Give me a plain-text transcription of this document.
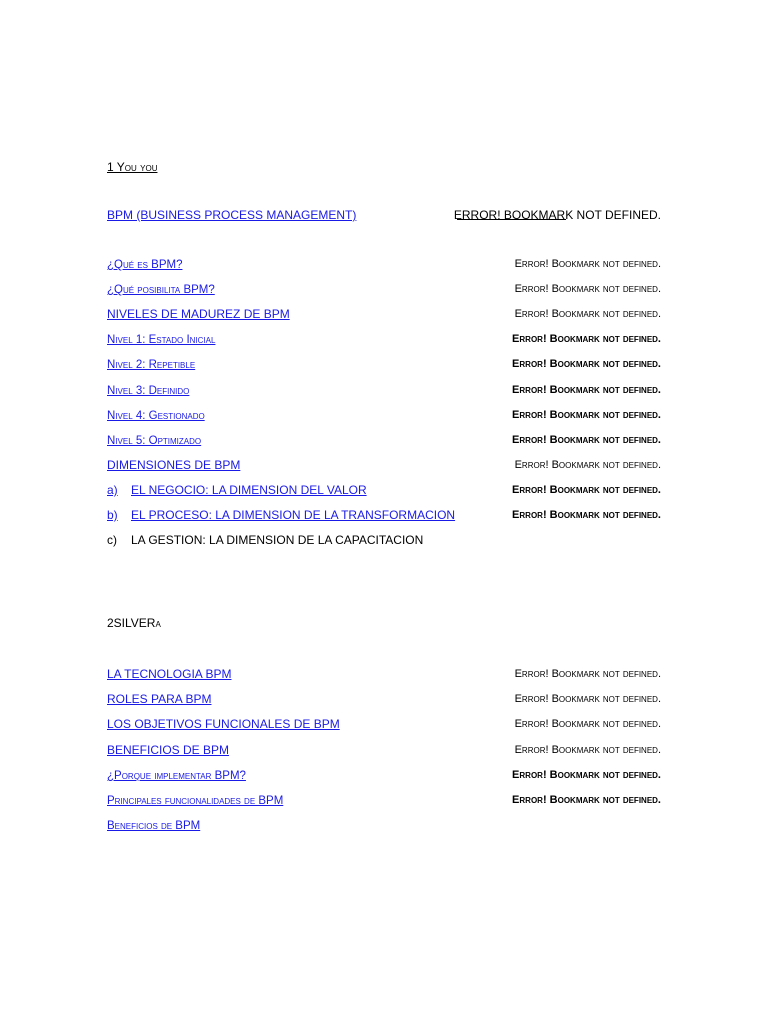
1 You you
BPM (BUSINESS PROCESS MANAGEMENT)	ERROR! BOOKMARK NOT DEFINED.
¿Qué es BPM?	Error! Bookmark not defined.
¿Qué posibilita BPM?	Error! Bookmark not defined.
NIVELES DE MADUREZ DE BPM	Error! Bookmark not defined.
Nivel 1: Estado Inicial	Error! Bookmark not defined.
Nivel 2: Repetible	Error! Bookmark not defined.
Nivel 3: Definido	Error! Bookmark not defined.
Nivel 4: Gestionado	Error! Bookmark not defined.
Nivel 5: Optimizado	Error! Bookmark not defined.
DIMENSIONES DE BPM	Error! Bookmark not defined.
a) EL NEGOCIO: LA DIMENSION DEL VALOR	Error! Bookmark not defined.
b) EL PROCESO: LA DIMENSION DE LA TRANSFORMACION	Error! Bookmark not defined.
c) LA GESTION: LA DIMENSION DE LA CAPACITACION
2SILVERa
LA TECNOLOGIA BPM	Error! Bookmark not defined.
ROLES PARA BPM	Error! Bookmark not defined.
LOS OBJETIVOS FUNCIONALES DE BPM	Error! Bookmark not defined.
BENEFICIOS DE BPM	Error! Bookmark not defined.
¿Porque implementar BPM?	Error! Bookmark not defined.
Principales funcionalidades de BPM	Error! Bookmark not defined.
Beneficios de BPM
